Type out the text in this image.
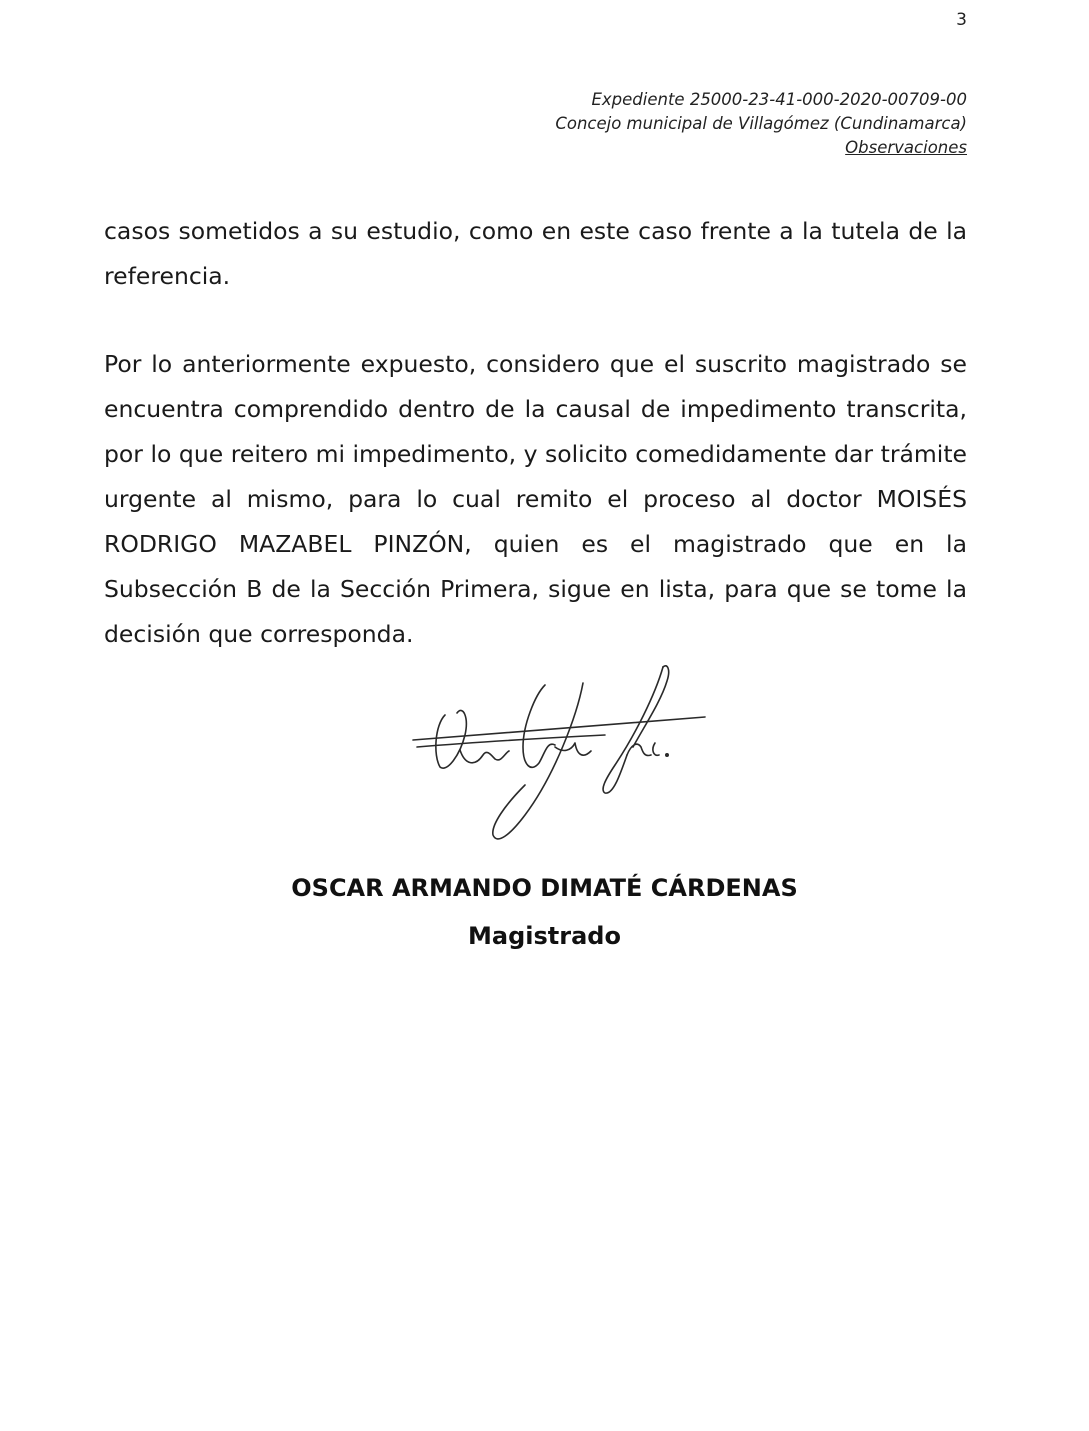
3
Expediente 25000-23-41-000-2020-00709-00
Concejo municipal de Villagómez (Cundinamarca)
Observaciones
casos sometidos a su estudio, como en este caso frente a la tutela de la referencia.
Por lo anteriormente expuesto, considero que el suscrito magistrado se encuentra comprendido dentro de la causal de impedimento transcrita, por lo que reitero mi impedimento, y solicito comedidamente dar trámite urgente al mismo, para lo cual remito el proceso al doctor MOISÉS RODRIGO MAZABEL PINZÓN, quien es el magistrado que en la Subsección B de la Sección Primera, sigue en lista, para que se tome la decisión que corresponda.
OSCAR ARMANDO DIMATÉ CÁRDENAS
Magistrado
